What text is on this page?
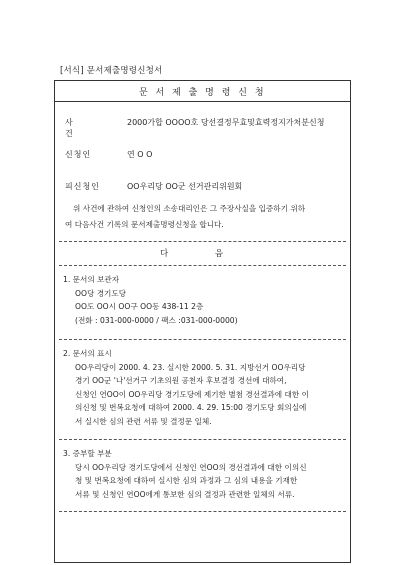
[서식] 문서제출명령신청서
문 서 제 출 명 령 신 청
사 건
2000가합 OOOO호 당선결정무효및효력정지가처분신청
신청인	연 O O
피신청인	OO우리당 OO군 선거관리위원회
위 사건에 관하여 신청인의 소송대리인은 그 주장사실을 입증하기 위하
여 다음사건 기록의 문서제출명령신청을 합니다.
다 음
1. 문서의 보관자
OO당 경기도당
OO도 OO시 OO구 OO동 438-11 2층
(전화 : 031-000-0000 / 팩스 :031-000-0000)
2. 문서의 표시
OO우리당이 2000. 4. 23. 실시한 2000. 5. 31. 지방선거 OO우리당
경기 OO군 '나'선거구 기초의원 공천자 후보결정 경선에 대하여,
신청인 연OO이 OO우리당 경기도당에 제기한 별첨 경선결과에 대한 이
의신청 및 번복요청에 대하여 2000. 4. 29. 15:00 경기도당 회의실에
서 실시한 심의 관련 서류 및 결정문 일체.
3. 증부할 부분
당시 OO우리당 경기도당에서 신청인 연OO의 경선결과에 대한 이의신
청 및 번복요청에 대하여 실시한 심의 과정과 그 심의 내용을 기재한
서류 및 신청인 연OO에게 통보한 심의 결정과 관련한 일체의 서류.
